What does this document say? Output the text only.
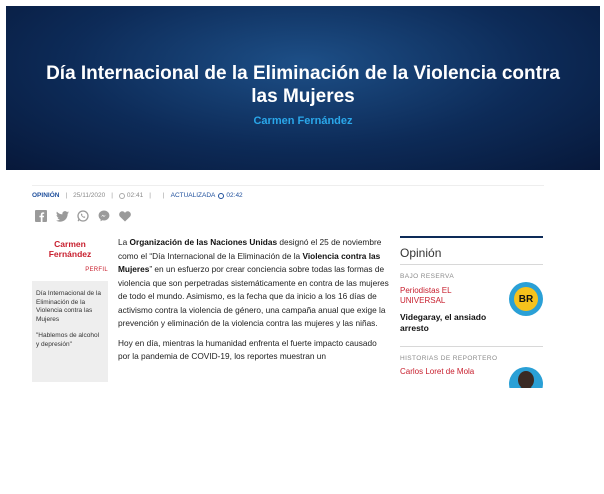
Día Internacional de la Eliminación de la Violencia contra las Mujeres
Carmen Fernández
OPINIÓN | 25/11/2020 | 02:41 | | ACTUALIZADA 02:42
Carmen Fernández
PERFIL
Día Internacional de la Eliminación de la Violencia contra las Mujeres
"Hablemos de alcohol y depresión"

La Organización de las Naciones Unidas designó el 25 de noviembre como el “Día Internacional de la Eliminación de la Violencia contra las Mujeres” en un esfuerzo por crear conciencia sobre todas las formas de violencia que son perpetradas sistemáticamente en contra de las mujeres de todo el mundo. Asimismo, es la fecha que da inicio a los 16 días de activismo contra la violencia de género, una campaña anual que exige la prevención y eliminación de la violencia contra las mujeres y las niñas.

Hoy en día, mientras la humanidad enfrenta el fuerte impacto causado por la pandemia de COVID-19, los reportes muestran un

Opinión
BAJO RESERVA
Periodistas EL UNIVERSAL
Videgaray, el ansiado arresto
BR
HISTORIAS DE REPORTERO
Carlos Loret de Mola
